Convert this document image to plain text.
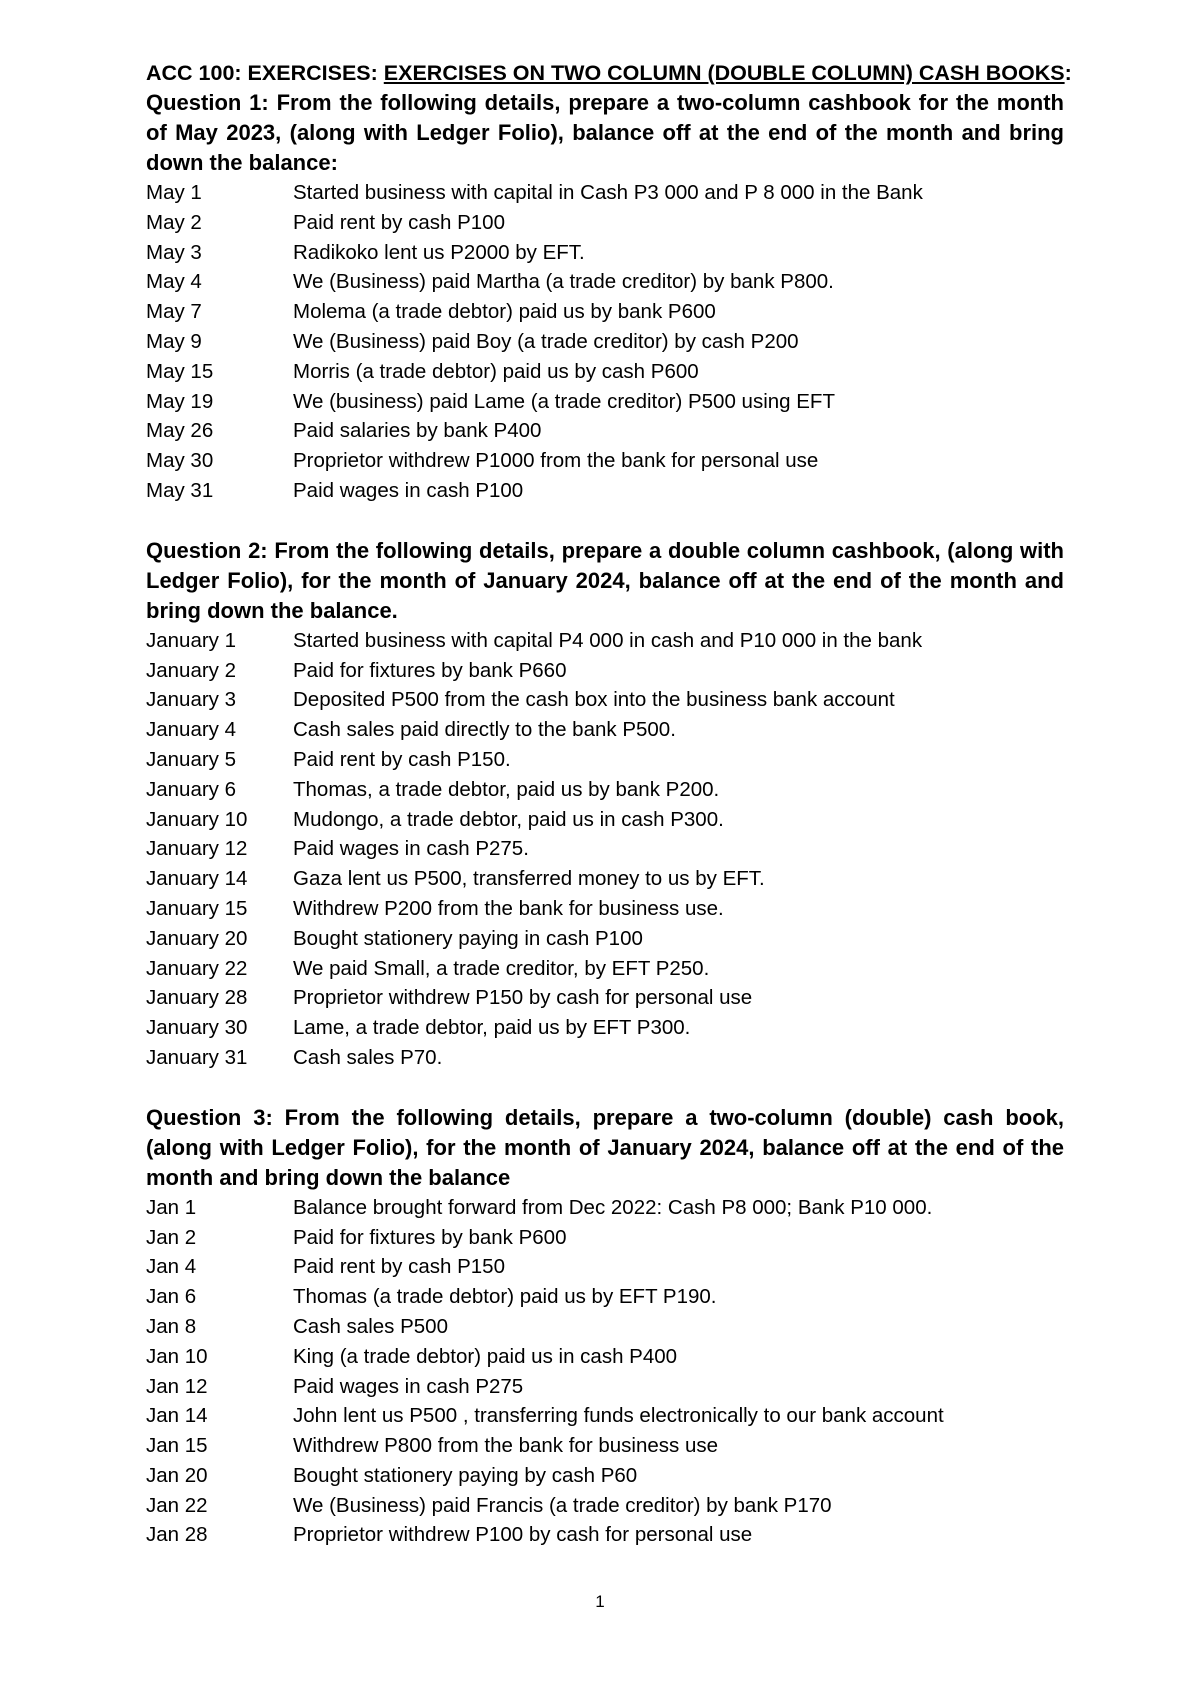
ACC 100: EXERCISES: EXERCISES ON TWO COLUMN (DOUBLE COLUMN) CASH BOOKS:

Question 1: From the following details, prepare a two-column cashbook for the month of May 2023, (along with Ledger Folio), balance off at the end of the month and bring down the balance:

May 1	Started business with capital in Cash P3 000 and P 8 000 in the Bank
May 2	Paid rent by cash P100
May 3	Radikoko lent us P2000 by EFT.
May 4	We (Business) paid Martha (a trade creditor) by bank P800.
May 7	Molema (a trade debtor) paid us by bank P600
May 9	We (Business) paid Boy (a trade creditor) by cash P200
May 15	Morris (a trade debtor) paid us by cash P600
May 19	We (business) paid Lame (a trade creditor) P500 using EFT
May 26	Paid salaries by bank P400
May 30	Proprietor withdrew P1000 from the bank for personal use
May 31	Paid wages in cash P100

Question 2: From the following details, prepare a double column cashbook, (along with Ledger Folio), for the month of January 2024, balance off at the end of the month and bring down the balance.

January 1	Started business with capital P4 000 in cash and P10 000 in the bank
January 2	Paid for fixtures by bank P660
January 3	Deposited P500 from the cash box into the business bank account
January 4	Cash sales paid directly to the bank P500.
January 5	Paid rent by cash P150.
January 6	Thomas, a trade debtor, paid us by bank P200.
January 10	Mudongo, a trade debtor, paid us in cash P300.
January 12	Paid wages in cash P275.
January 14	Gaza lent us P500, transferred money to us by EFT.
January 15	Withdrew P200 from the bank for business use.
January 20	Bought stationery paying in cash P100
January 22	We paid Small, a trade creditor, by EFT P250.
January 28	Proprietor withdrew P150 by cash for personal use
January 30	Lame, a trade debtor, paid us by EFT P300.
January 31	Cash sales P70.

Question 3: From the following details, prepare a two-column (double) cash book, (along with Ledger Folio), for the month of January 2024, balance off at the end of the month and bring down the balance

Jan 1	Balance brought forward from Dec 2022: Cash P8 000; Bank P10 000.
Jan 2	Paid for fixtures by bank P600
Jan 4	Paid rent by cash P150
Jan 6	Thomas (a trade debtor) paid us by EFT P190.
Jan 8	Cash sales P500
Jan 10	King (a trade debtor) paid us in cash P400
Jan 12	Paid wages in cash P275
Jan 14	John lent us P500 , transferring funds electronically to our bank account
Jan 15	Withdrew P800 from the bank for business use
Jan 20	Bought stationery paying by cash P60
Jan 22	We (Business) paid Francis (a trade creditor) by bank P170
Jan 28	Proprietor withdrew P100 by cash for personal use
1
